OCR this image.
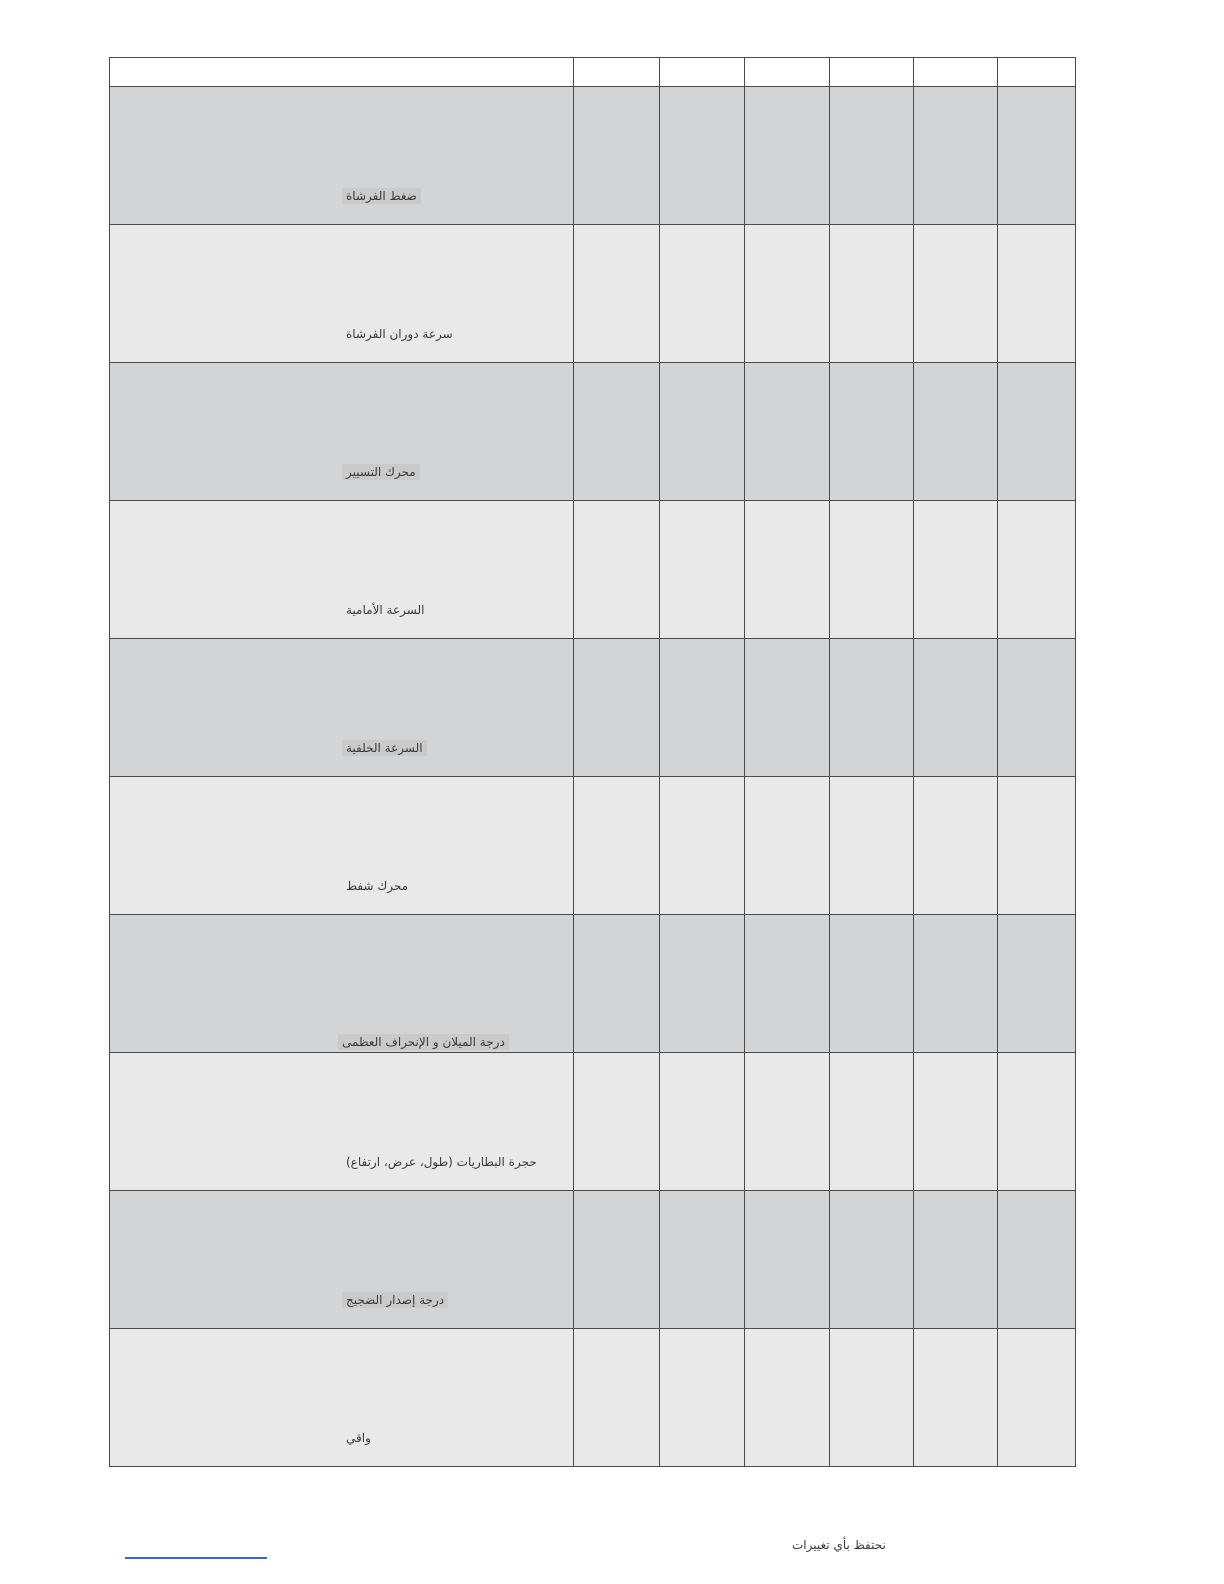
ضغط الفرشاة						

سرعة دوران الفرشاة						

محرك التسيير						

السرعة الأمامية						

السرعة الخلفية						

محرك شفط						

درجة الميلان و الإنحراف العظمى						

حجرة البطاريات (طول، عرض، ارتفاع)						

درجة إصدار الضجيج						

واقي						

نحتفظ بأي تغييرات
